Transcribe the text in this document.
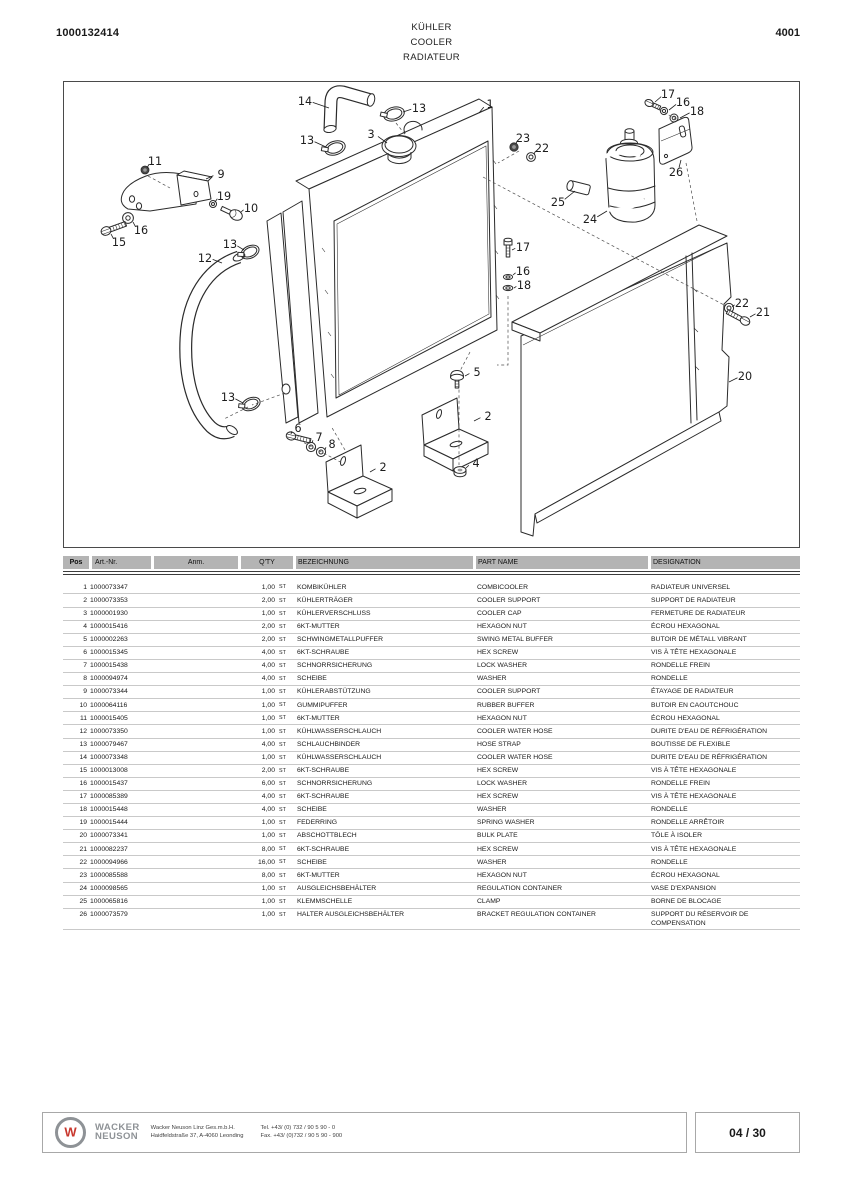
1000132414	KÜHLER
COOLER
RADIATEUR
4001
14
13	3
13	1
17
16
18
23
22
26
25
24
11
9
19
10
16
15
12
13	17
16
18
22
21
20
13
5
2
6
7
8
2	4
Pos	Art.-Nr.	Anm.	Q'TY	BEZEICHNUNG	PART NAME	DESIGNATION
1 1000073347	1,00 ST	KOMBIKÜHLER	COMBICOOLER	RADIATEUR UNIVERSEL
2 1000073353	2,00 ST	KÜHLERTRÄGER	COOLER SUPPORT	SUPPORT DE RADIATEUR
3 1000001930	1,00 ST	KÜHLERVERSCHLUSS	COOLER CAP	FERMETURE DE RADIATEUR
4 1000015416	2,00 ST	6KT-MUTTER	HEXAGON NUT	ÉCROU HEXAGONAL
5 1000002263	2,00 ST	SCHWINGMETALLPUFFER	SWING METAL BUFFER	BUTOIR DE MÉTALL VIBRANT
6 1000015345	4,00 ST	6KT-SCHRAUBE	HEX SCREW	VIS À TÊTE HEXAGONALE
7 1000015438	4,00 ST	SCHNORRSICHERUNG	LOCK WASHER	RONDELLE FREIN
8 1000094974	4,00 ST	SCHEIBE	WASHER	RONDELLE
9 1000073344	1,00 ST	KÜHLERABSTÜTZUNG	COOLER SUPPORT	ÉTAYAGE DE RADIATEUR
10 1000064116	1,00 ST	GUMMIPUFFER	RUBBER BUFFER	BUTOIR EN CAOUTCHOUC
11 1000015405	1,00 ST	6KT-MUTTER	HEXAGON NUT	ÉCROU HEXAGONAL
12 1000073350	1,00 ST	KÜHLWASSERSCHLAUCH	COOLER WATER HOSE	DURITE D'EAU DE RÉFRIGÉRATION
13 1000079467	4,00 ST	SCHLAUCHBINDER	HOSE STRAP	BOUTISSE DE FLEXIBLE
14 1000073348	1,00 ST	KÜHLWASSERSCHLAUCH	COOLER WATER HOSE	DURITE D'EAU DE RÉFRIGÉRATION
15 1000013008	2,00 ST	6KT-SCHRAUBE	HEX SCREW	VIS À TÊTE HEXAGONALE
16 1000015437	6,00 ST	SCHNORRSICHERUNG	LOCK WASHER	RONDELLE FREIN
17 1000085389	4,00 ST	6KT-SCHRAUBE	HEX SCREW	VIS À TÊTE HEXAGONALE
18 1000015448	4,00 ST	SCHEIBE	WASHER	RONDELLE
19 1000015444	1,00 ST	FEDERRING	SPRING WASHER	RONDELLE ARRÊTOIR
20 1000073341	1,00 ST	ABSCHOTTBLECH	BULK PLATE	TÔLE À ISOLER
21 1000082237	8,00 ST	6KT-SCHRAUBE	HEX SCREW	VIS À TÊTE HEXAGONALE
22 1000094966	16,00 ST	SCHEIBE	WASHER	RONDELLE
23 1000085588	8,00 ST	6KT-MUTTER	HEXAGON NUT	ÉCROU HEXAGONAL
24 1000098565	1,00 ST	AUSGLEICHSBEHÄLTER	REGULATION CONTAINER	VASE D'EXPANSION
25 1000065816	1,00 ST	KLEMMSCHELLE	CLAMP	BORNE DE BLOCAGE
26 1000073579	1,00 ST	HALTER AUSGLEICHSBEHÄLTER	BRACKET REGULATION CONTAINER	SUPPORT DU RÉSERVOIR DE COMPENSATION
W WACKER
NEUSON
Wacker Neuson Linz Ges.m.b.H.
Haidfeldstraße 37, A-4060 Leonding
Tel. +43/ (0) 732 / 90 5 90 - 0
Fax. +43/ (0)732 / 90 5 90 - 900	04 / 30
